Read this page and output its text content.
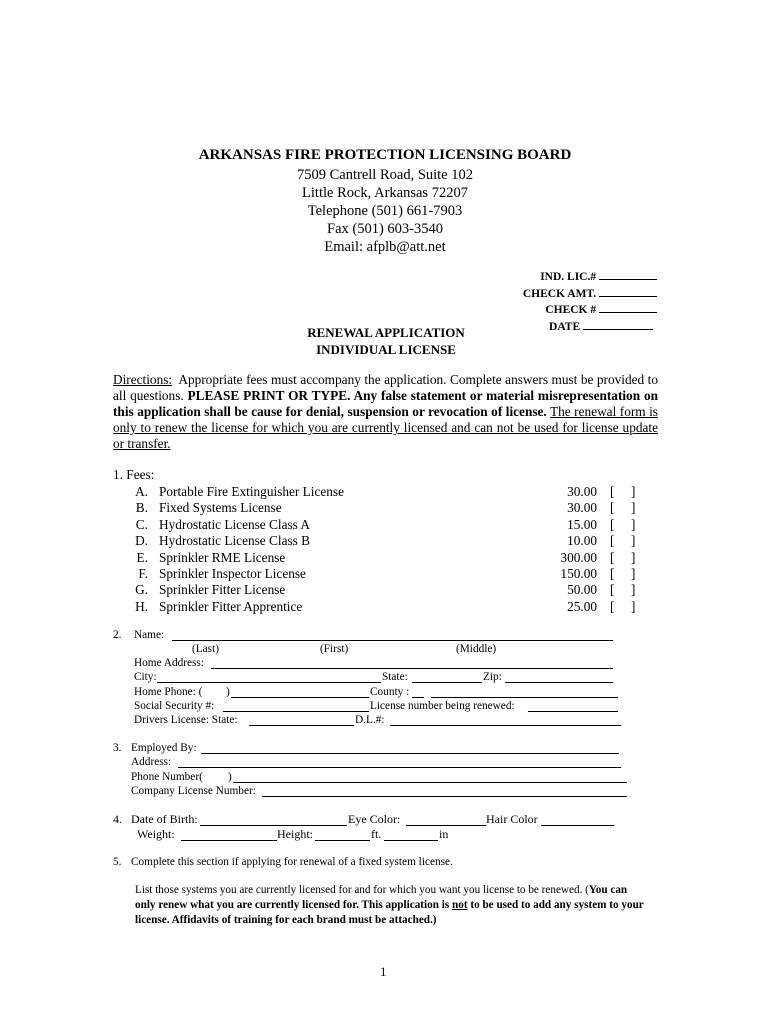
ARKANSAS FIRE PROTECTION LICENSING BOARD
7509 Cantrell Road, Suite 102
Little Rock, Arkansas 72207
Telephone (501) 661-7903
Fax (501) 603-3540
Email: afplb@att.net
IND. LIC.#
CHECK AMT.
CHECK #
DATE
RENEWAL APPLICATION
INDIVIDUAL LICENSE
Directions: Appropriate fees must accompany the application. Complete answers must be provided to all questions. PLEASE PRINT OR TYPE. Any false statement or material misrepresentation on this application shall be cause for denial, suspension or revocation of license. The renewal form is only to renew the license for which you are currently licensed and can not be used for license update or transfer.
1. Fees:
A. Portable Fire Extinguisher License	30.00 [     ]
B. Fixed Systems License	30.00 [     ]
C. Hydrostatic License Class A	15.00 [     ]
D. Hydrostatic License Class B	10.00 [     ]
E. Sprinkler RME License	300.00 [     ]
F. Sprinkler Inspector License	150.00 [     ]
G. Sprinkler Fitter License	50.00 [     ]
H. Sprinkler Fitter Apprentice	25.00 [     ]
2. Name:
(Last)	(First)	(Middle)
Home Address:
City:	State:	Zip:
Home Phone: ( )	County :
Social Security #:	License number being renewed:
Drivers License: State:	D.L.#:
3. Employed By:
Address:
Phone Number( )
Company License Number:
4. Date of Birth:	Eye Color:	Hair Color
Weight:	Height:	ft.	in
5. Complete this section if applying for renewal of a fixed system license.
List those systems you are currently licensed for and for which you want you license to be renewed. (You can only renew what you are currently licensed for. This application is not to be used to add any system to your license. Affidavits of training for each brand must be attached.)
1
